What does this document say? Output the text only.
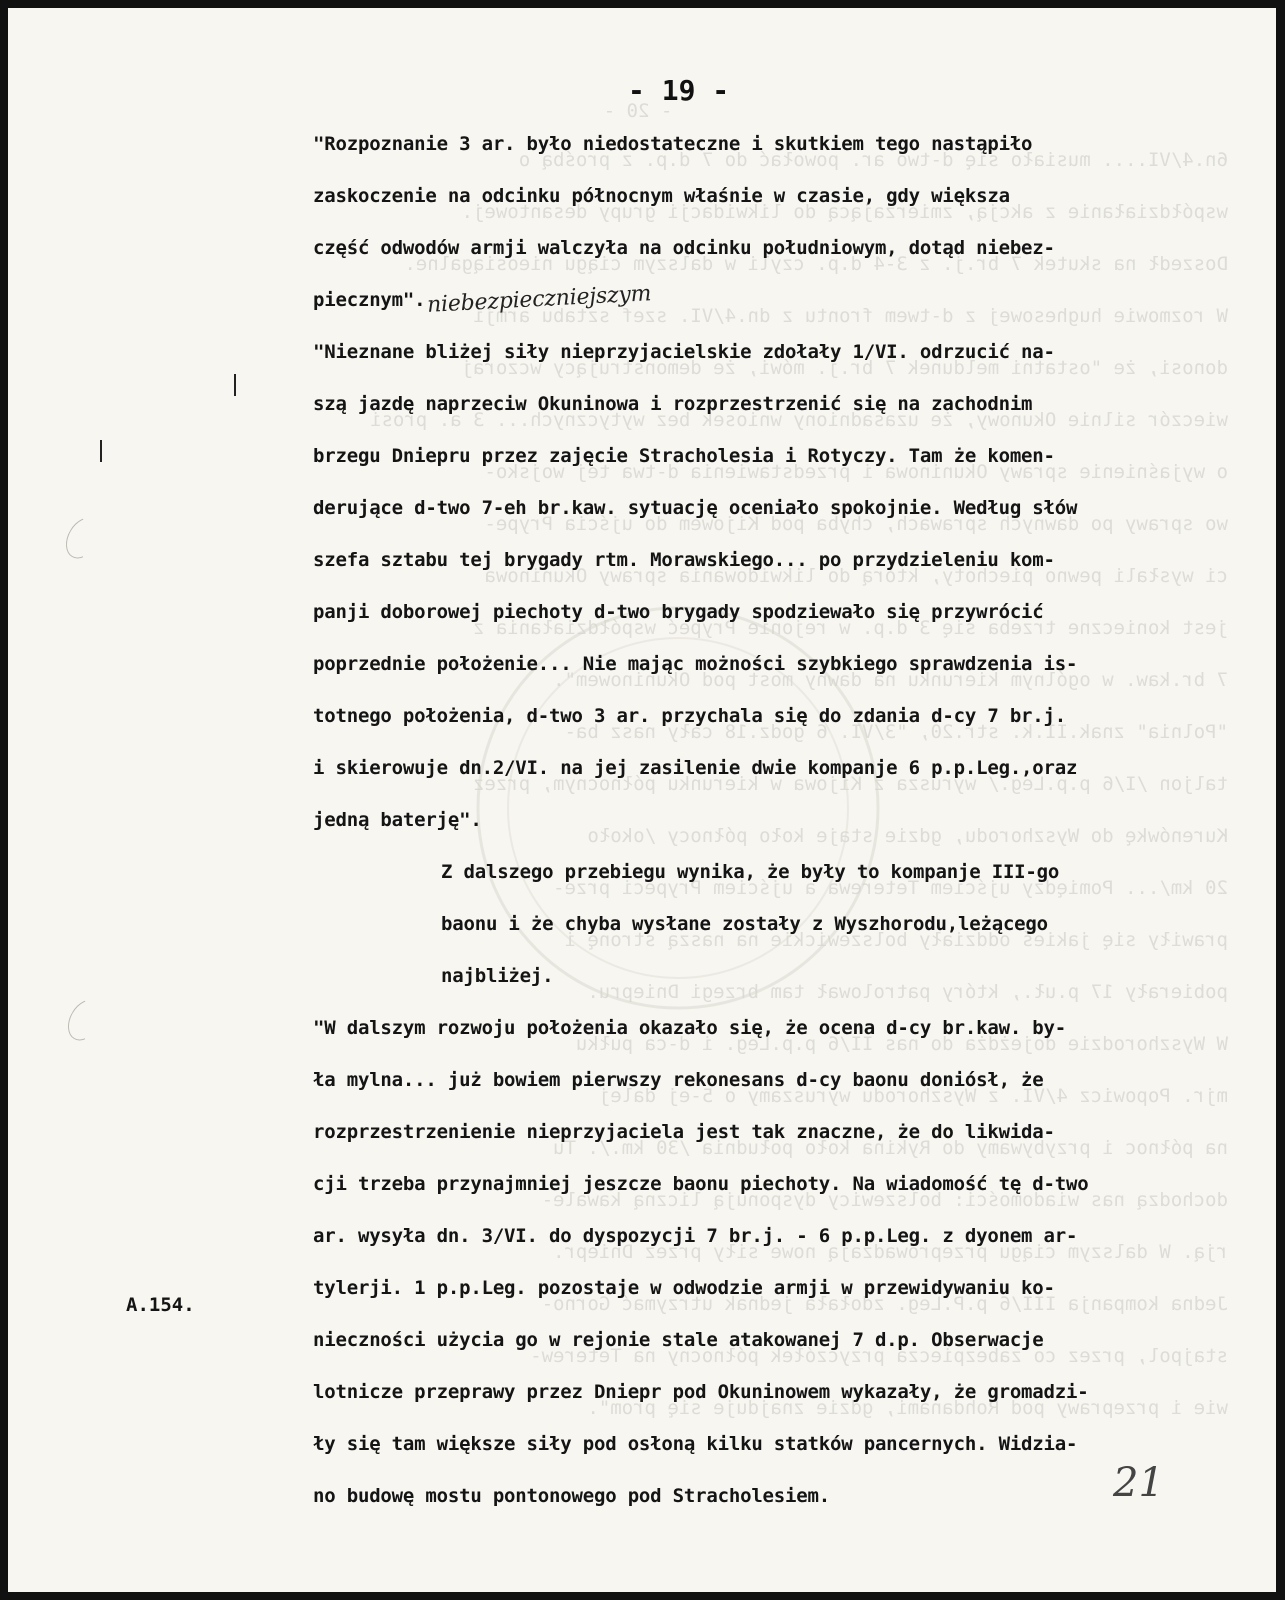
- 20 -
6n.4/VI.... musiało się d-two ar. powołać do 7 d.p. z prośbą o
współdziałanie z akcją, zmierzającą do likwidacji grupy desantowej.
Doszedł na skutek 7 br.j. z 3-4 d.p. czyli w dalszym ciągu nieosiągalne.
W rozmowie hughesowej z d-twem frontu z dn.4/VI. szef sztabu armji
donosi, że "ostatni meldunek 7 br.j. mówi, że demonstrujący wczoraj
wieczór silnie Okunowy, że uzasadniony wniosek bez wytycznych... 3 a. prosi
o wyjaśnienie sprawy Okuninowa i przedstawienia d-twa tej wojsko-
wo sprawy po dawnych sprawach, chyba pod Kijowem do ujścia Prype-
ci wysłali pewno piechoty, którą do likwidowania sprawy Okuninowa
jest konieczne trzeba się 3 d.p. w rejonie Prypeć współdziałania z
7 br.kaw. w ogólnym kierunku na dawny most pod Okuninowem".
"Polnia" znak.II.k. str.20, "3/VI. 6 godz.18 cały nasz ba-
taljon /I/6 p.p.Leg./ wyrusza z Kijowa w kierunku północnym, przez
Kurenówkę do Wyszhorodu, gdzie staje koło północy /około
20 km/... Pomiędzy ujściem Teterewa a ujściem Prypeci prze-
prawiły się jakieś oddziały bolszewickie na naszą stronę i
pobierały 17 p.uł., który patrolował tam brzegi Dniepru.
W Wyszhorodzie dojeżdża do nas II/6 p.p.Leg. i d-ca pułku
mjr. Popowicz 4/VI. z Wyszhorodu wyruszamy o 5-ej dalej
na północ i przybywamy do Rykina koło południa /30 km./. Tu
dochodzą nas wiadomości: bolszewicy dysponują liczną kawale-
rją. W dalszym ciągu przeprowadzają nowe siły przez Dniepr.
Jedna kompanja III/6 p.P.Leg. zdołała jednak utrzymać Gorno-
stajpol, przez co zabezpiecza przyczółek północny na Teterew-
wie i przeprawy pod Rohdanami, gdzie znajduje się prom".
- 19 -
"Rozpoznanie 3 ar. było niedostateczne i skutkiem tego nastąpiło
zaskoczenie na odcinku północnym właśnie w czasie, gdy większa
część odwodów armji walczyła na odcinku południowym, dotąd niebez-
piecznym".niebezpieczniejszym
"Nieznane bliżej siły nieprzyjacielskie zdołały 1/VI. odrzucić na-
szą jazdę naprzeciw Okuninowa i rozprzestrzenić się na zachodnim
brzegu Dniepru przez zajęcie Stracholesia i Rotyczy. Tam że komen-
derujące d-two 7-eh br.kaw. sytuację oceniało spokojnie. Według słów
szefa sztabu tej brygady rtm. Morawskiego... po przydzieleniu kom-
panji doborowej piechoty d-two brygady spodziewało się przywrócić
poprzednie położenie... Nie mając możności szybkiego sprawdzenia is-
totnego położenia, d-two 3 ar. przychala się do zdania d-cy 7 br.j.
i skierowuje dn.2/VI. na jej zasilenie dwie kompanje 6 p.p.Leg.,oraz
jedną baterję".
Z dalszego przebiegu wynika, że były to kompanje III-go
baonu i że chyba wysłane zostały z Wyszhorodu,leżącego
najbliżej.
"W dalszym rozwoju położenia okazało się, że ocena d-cy br.kaw. by-
ła mylna... już bowiem pierwszy rekonesans d-cy baonu doniósł, że
rozprzestrzenienie nieprzyjaciela jest tak znaczne, że do likwida-
cji trzeba przynajmniej jeszcze baonu piechoty. Na wiadomość tę d-two
ar. wysyła dn. 3/VI. do dyspozycji 7 br.j. - 6 p.p.Leg. z dyonem ar-
tylerji. 1 p.p.Leg. pozostaje w odwodzie armji w przewidywaniu ko-
nieczności użycia go w rejonie stale atakowanej 7 d.p. Obserwacje
lotnicze przeprawy przez Dniepr pod Okuninowem wykazały, że gromadzi-
ły się tam większe siły pod osłoną kilku statków pancernych. Widzia-
no budowę mostu pontonowego pod Stracholesiem.
A.154.
21
